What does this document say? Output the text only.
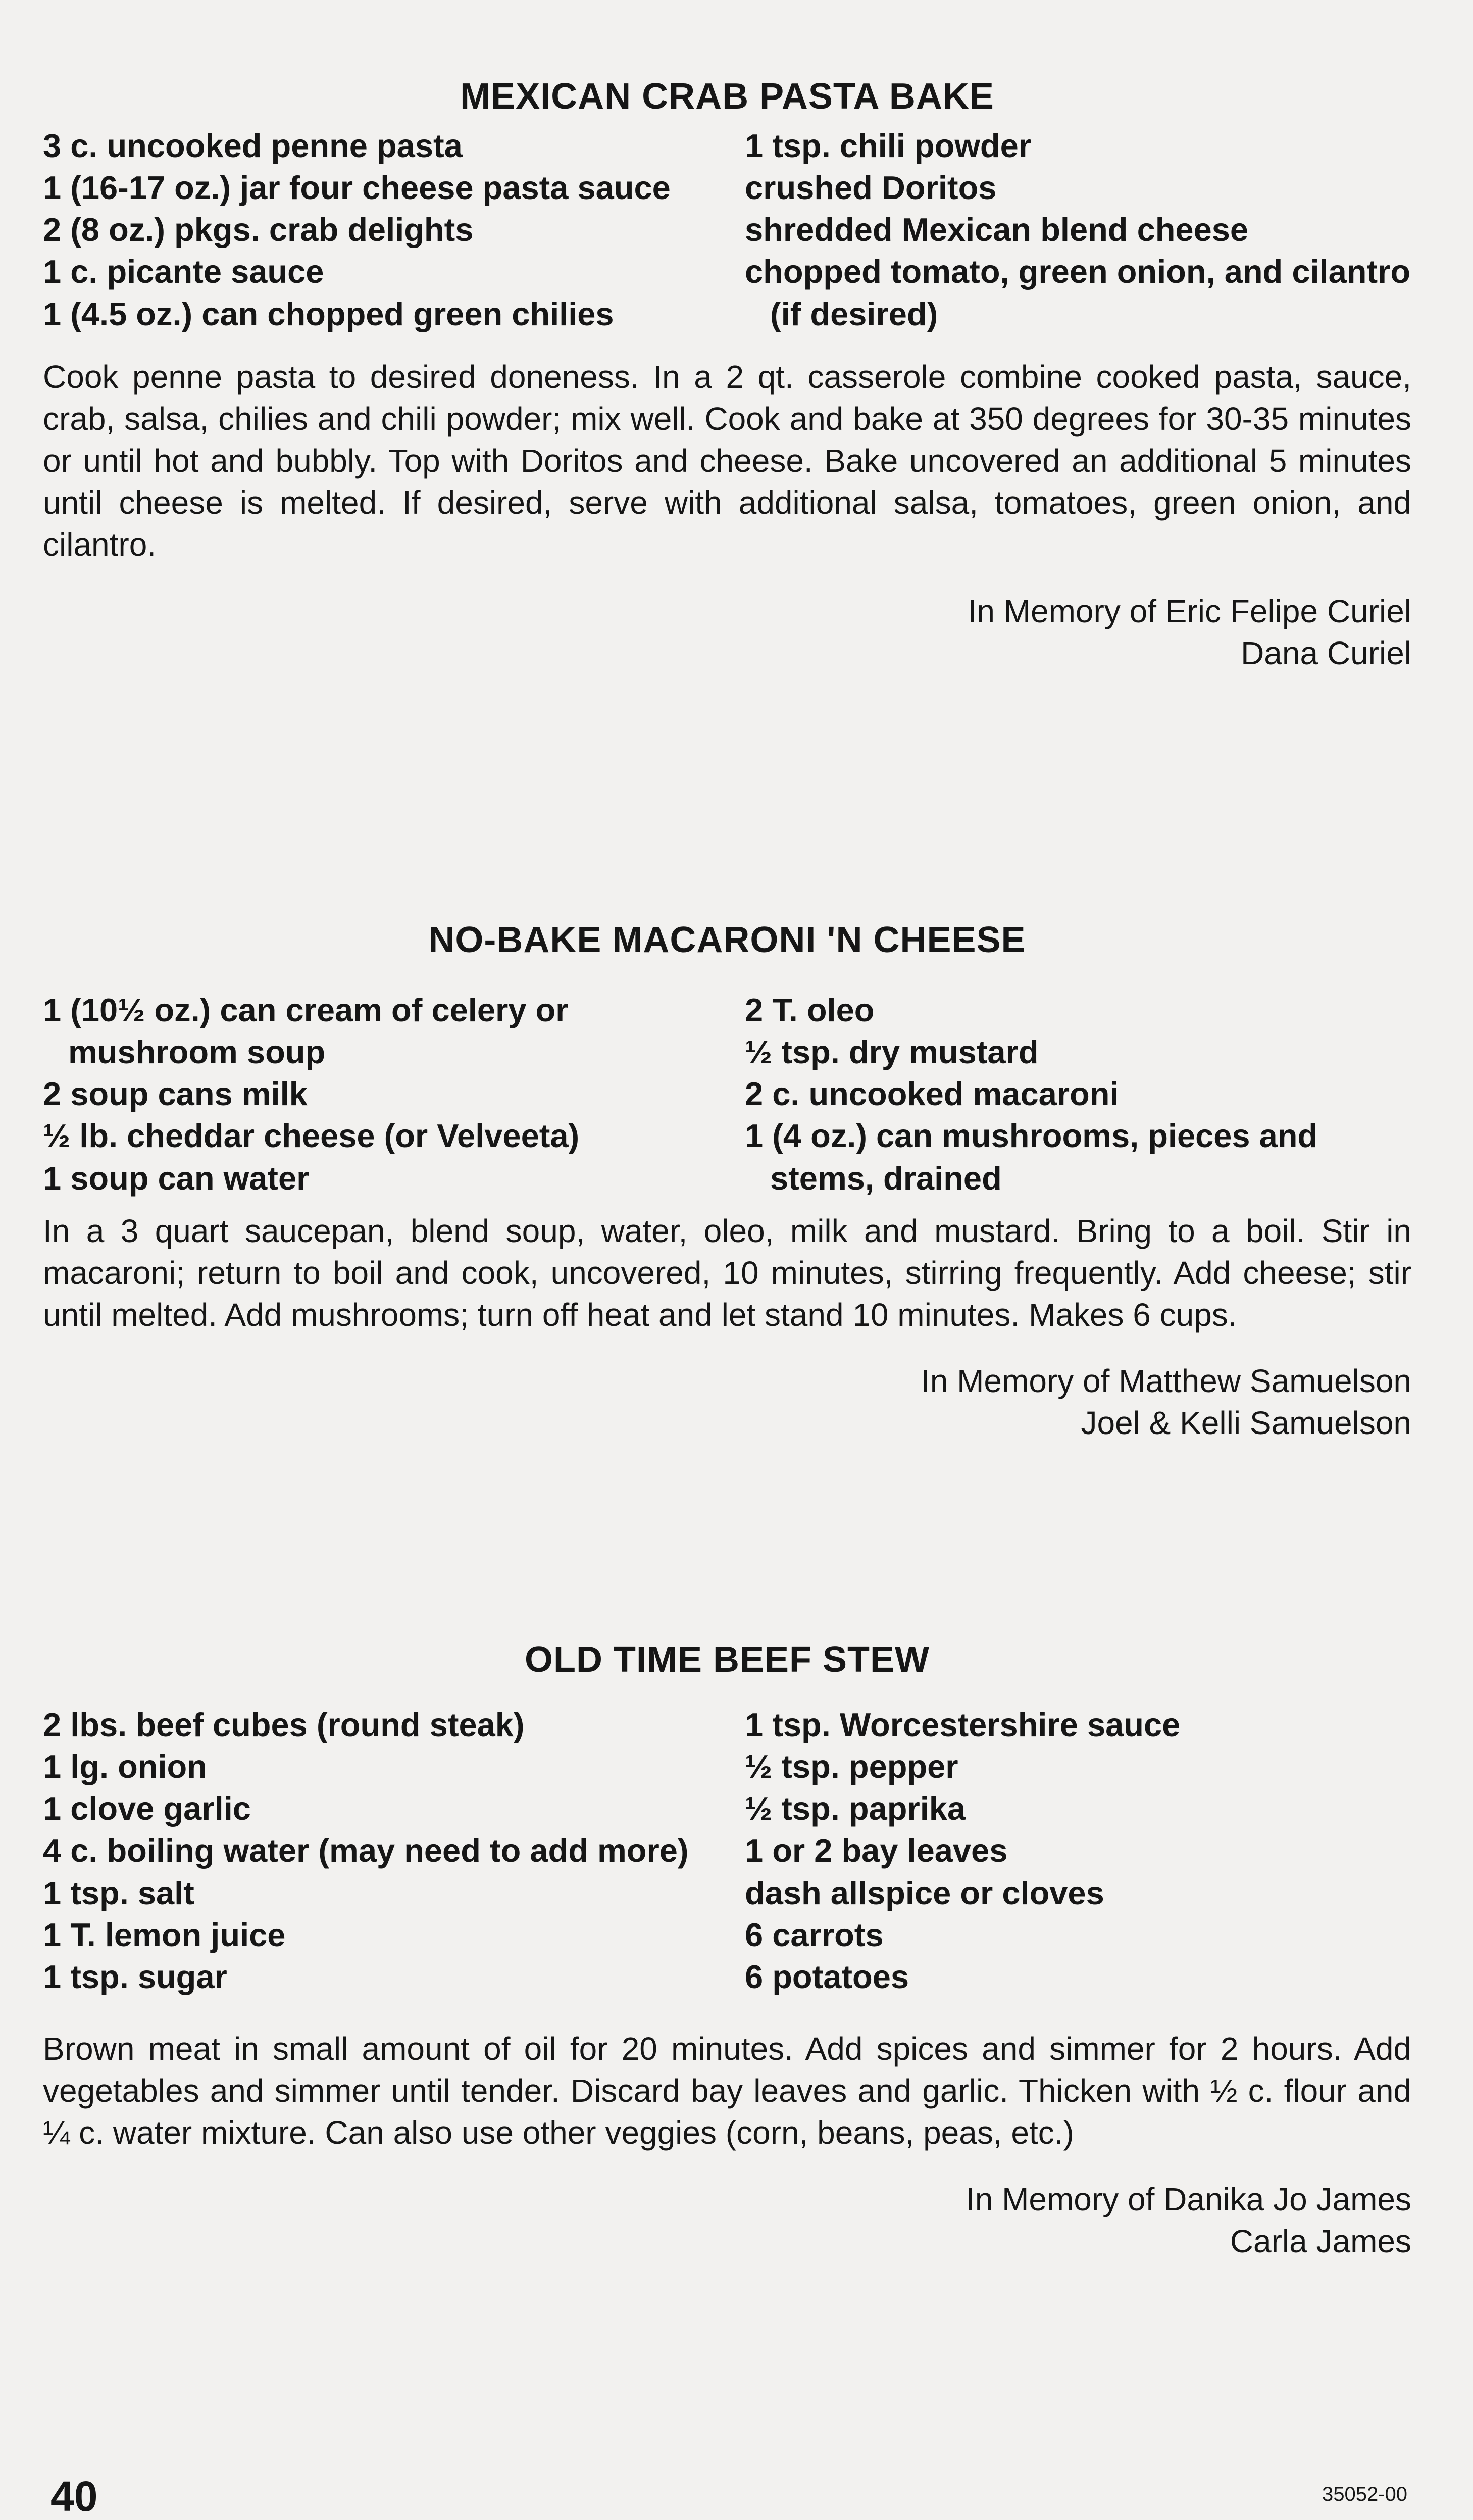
MEXICAN CRAB PASTA BAKE
3 c. uncooked penne pasta
1 (16-17 oz.) jar four cheese pasta sauce
2 (8 oz.) pkgs. crab delights
1 c. picante sauce
1 (4.5 oz.) can chopped green chilies
1 tsp. chili powder
crushed Doritos
shredded Mexican blend cheese
chopped tomato, green onion, and cilantro (if desired)

Cook penne pasta to desired doneness. In a 2 qt. casserole combine cooked pasta, sauce, crab, salsa, chilies and chili powder; mix well. Cook and bake at 350 degrees for 30-35 minutes or until hot and bubbly. Top with Doritos and cheese. Bake uncovered an additional 5 minutes until cheese is melted. If desired, serve with additional salsa, tomatoes, green onion, and cilantro.

In Memory of Eric Felipe Curiel
Dana Curiel
NO-BAKE MACARONI 'N CHEESE
1 (10½ oz.) can cream of celery or mushroom soup
2 soup cans milk
½ lb. cheddar cheese (or Velveeta)
1 soup can water
2 T. oleo
½ tsp. dry mustard
2 c. uncooked macaroni
1 (4 oz.) can mushrooms, pieces and stems, drained

In a 3 quart saucepan, blend soup, water, oleo, milk and mustard. Bring to a boil. Stir in macaroni; return to boil and cook, uncovered, 10 minutes, stirring frequently. Add cheese; stir until melted. Add mushrooms; turn off heat and let stand 10 minutes. Makes 6 cups.

In Memory of Matthew Samuelson
Joel & Kelli Samuelson
OLD TIME BEEF STEW
2 lbs. beef cubes (round steak)
1 lg. onion
1 clove garlic
4 c. boiling water (may need to add more)
1 tsp. salt
1 T. lemon juice
1 tsp. sugar
1 tsp. Worcestershire sauce
½ tsp. pepper
½ tsp. paprika
1 or 2 bay leaves
dash allspice or cloves
6 carrots
6 potatoes

Brown meat in small amount of oil for 20 minutes. Add spices and simmer for 2 hours. Add vegetables and simmer until tender. Discard bay leaves and garlic. Thicken with ½ c. flour and ¼ c. water mixture. Can also use other veggies (corn, beans, peas, etc.)

In Memory of Danika Jo James
Carla James
40	35052-00
